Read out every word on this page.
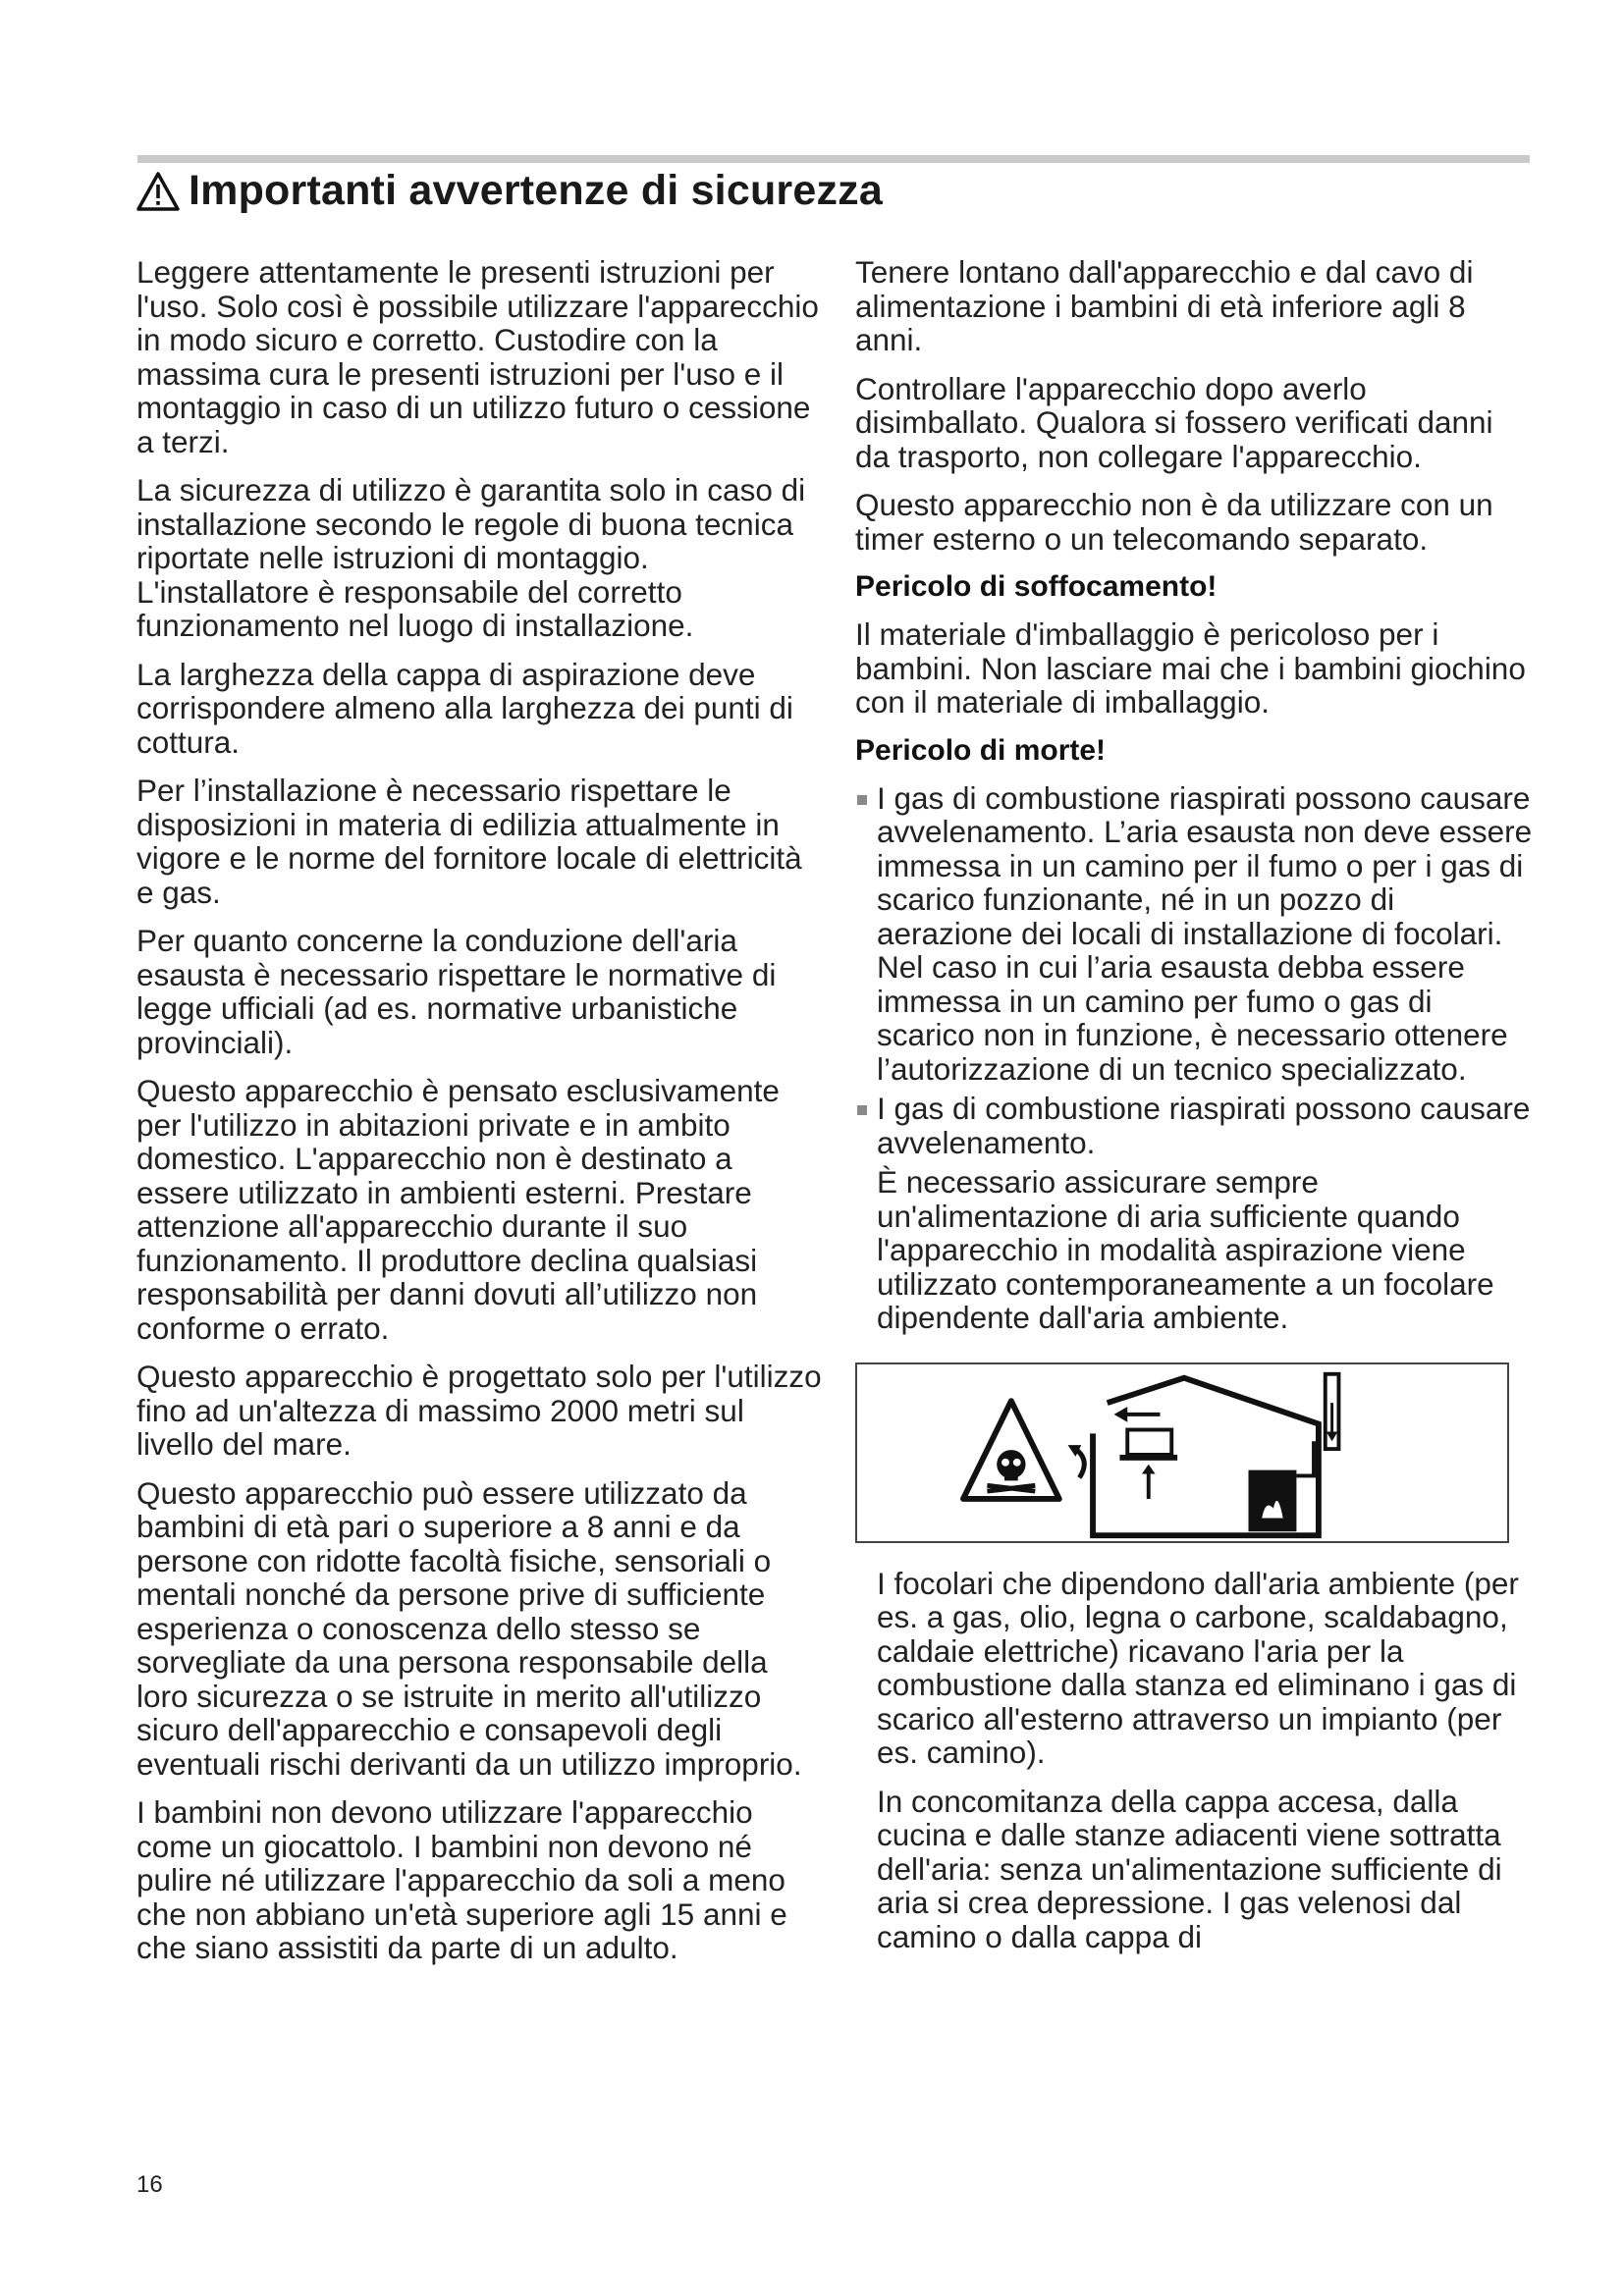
Importanti avvertenze di sicurezza

Leggere attentamente le presenti istruzioni per l'uso. Solo così è possibile utilizzare l'apparecchio in modo sicuro e corretto. Custodire con la massima cura le presenti istruzioni per l'uso e il montaggio in caso di un utilizzo futuro o cessione a terzi.

La sicurezza di utilizzo è garantita solo in caso di installazione secondo le regole di buona tecnica riportate nelle istruzioni di montaggio. L'installatore è responsabile del corretto funzionamento nel luogo di installazione.

La larghezza della cappa di aspirazione deve corrispondere almeno alla larghezza dei punti di cottura.

Per l’installazione è necessario rispettare le disposizioni in materia di edilizia attualmente in vigore e le norme del fornitore locale di elettricità e gas.

Per quanto concerne la conduzione dell'aria esausta è necessario rispettare le normative di legge ufficiali (ad es. normative urbanistiche provinciali).

Questo apparecchio è pensato esclusivamente per l'utilizzo in abitazioni private e in ambito domestico. L'apparecchio non è destinato a essere utilizzato in ambienti esterni. Prestare attenzione all'apparecchio durante il suo funzionamento. Il produttore declina qualsiasi responsabilità per danni dovuti all’utilizzo non conforme o errato.

Questo apparecchio è progettato solo per l'utilizzo fino ad un'altezza di massimo 2000 metri sul livello del mare.

Questo apparecchio può essere utilizzato da bambini di età pari o superiore a 8 anni e da persone con ridotte facoltà fisiche, sensoriali o mentali nonché da persone prive di sufficiente esperienza o conoscenza dello stesso se sorvegliate da una persona responsabile della loro sicurezza o se istruite in merito all'utilizzo sicuro dell'apparecchio e consapevoli degli eventuali rischi derivanti da un utilizzo improprio.

I bambini non devono utilizzare l'apparecchio come un giocattolo. I bambini non devono né pulire né utilizzare l'apparecchio da soli a meno che non abbiano un'età superiore agli 15 anni e che siano assistiti da parte di un adulto.

Tenere lontano dall'apparecchio e dal cavo di alimentazione i bambini di età inferiore agli 8 anni.

Controllare l'apparecchio dopo averlo disimballato. Qualora si fossero verificati danni da trasporto, non collegare l'apparecchio.

Questo apparecchio non è da utilizzare con un timer esterno o un telecomando separato.

Pericolo di soffocamento!

Il materiale d'imballaggio è pericoloso per i bambini. Non lasciare mai che i bambini giochino con il materiale di imballaggio.

Pericolo di morte!

I gas di combustione riaspirati possono causare avvelenamento. L’aria esausta non deve essere immessa in un camino per il fumo o per i gas di scarico funzionante, né in un pozzo di aerazione dei locali di installazione di focolari. Nel caso in cui l’aria esausta debba essere immessa in un camino per fumo o gas di scarico non in funzione, è necessario ottenere l’autorizzazione di un tecnico specializzato.

I gas di combustione riaspirati possono causare avvelenamento.

È necessario assicurare sempre un'alimentazione di aria sufficiente quando l'apparecchio in modalità aspirazione viene utilizzato contemporaneamente a un focolare dipendente dall'aria ambiente.

I focolari che dipendono dall'aria ambiente (per es. a gas, olio, legna o carbone, scaldabagno, caldaie elettriche) ricavano l'aria per la combustione dalla stanza ed eliminano i gas di scarico all'esterno attraverso un impianto (per es. camino).

In concomitanza della cappa accesa, dalla cucina e dalle stanze adiacenti viene sottratta dell'aria: senza un'alimentazione sufficiente di aria si crea depressione. I gas velenosi dal camino o dalla cappa di

16
